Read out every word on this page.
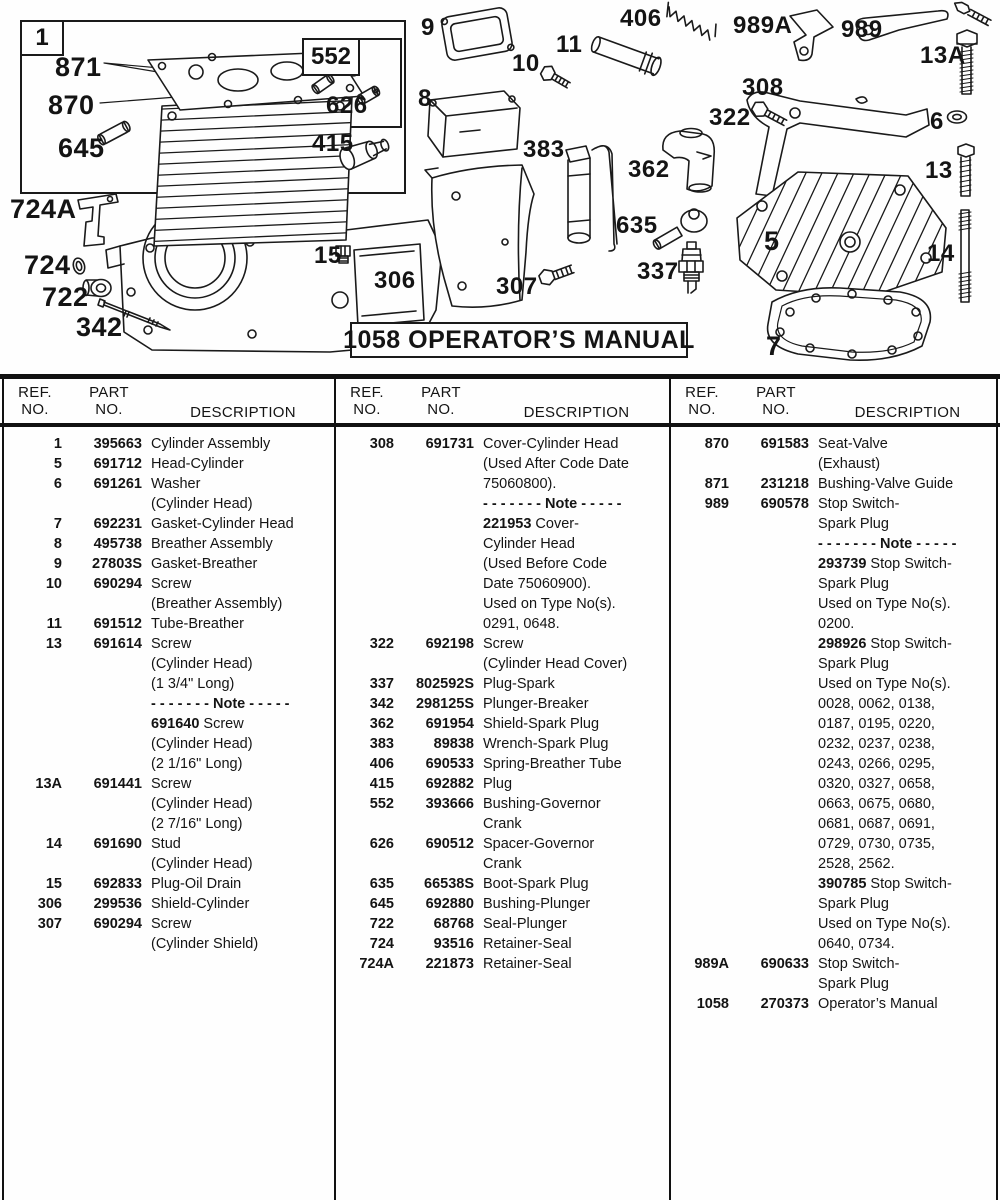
1
552
871
870
645
724A
724
722
342
626
415
15
306	307
9
10
8
383
11
406
362
635
337
989A 989
308
322
13A
6
13
14
5
7
1058 OPERATOR’S MANUAL
REF.
NO.
PART
NO.	DESCRIPTION
REF.
NO.
PART
NO.	DESCRIPTION
REF.
NO.
PART
NO.	DESCRIPTION
1	395663 Cylinder Assembly
5	691712 Head-Cylinder
6	691261 Washer
(Cylinder Head)
7	692231 Gasket-Cylinder Head
8	495738 Breather Assembly
9	27803S Gasket-Breather
10	690294 Screw
(Breather Assembly)
11	691512 Tube-Breather
13	691614 Screw
(Cylinder Head)
(1 3/4" Long)
- - - - - - - Note - - - - -
691640 Screw
(Cylinder Head)
(2 1/16" Long)
13A	691441 Screw
(Cylinder Head)
(2 7/16" Long)
14	691690 Stud
(Cylinder Head)
15	692833 Plug-Oil Drain
306	299536 Shield-Cylinder
307	690294 Screw
(Cylinder Shield)
308	691731 Cover-Cylinder Head
(Used After Code Date
75060800).
- - - - - - - Note - - - - -
221953 Cover-
Cylinder Head
(Used Before Code
Date 75060900).
Used on Type No(s).
0291, 0648.
322	692198 Screw
(Cylinder Head Cover)
337	802592S Plug-Spark
342	298125S Plunger-Breaker
362	691954 Shield-Spark Plug
383	89838 Wrench-Spark Plug
406	690533 Spring-Breather Tube
415	692882 Plug
552	393666 Bushing-Governor
Crank
626	690512 Spacer-Governor
Crank
635	66538S Boot-Spark Plug
645	692880 Bushing-Plunger
722	68768 Seal-Plunger
724	93516 Retainer-Seal
724A	221873 Retainer-Seal
870	691583 Seat-Valve
(Exhaust)
871	231218 Bushing-Valve Guide
989	690578 Stop Switch-
Spark Plug
- - - - - - - Note - - - - -
293739 Stop Switch-
Spark Plug
Used on Type No(s).
0200.
298926 Stop Switch-
Spark Plug
Used on Type No(s).
0028, 0062, 0138,
0187, 0195, 0220,
0232, 0237, 0238,
0243, 0266, 0295,
0320, 0327, 0658,
0663, 0675, 0680,
0681, 0687, 0691,
0729, 0730, 0735,
2528, 2562.
390785 Stop Switch-
Spark Plug
Used on Type No(s).
0640, 0734.
989A	690633 Stop Switch-
Spark Plug
1058	270373 Operator’s Manual
